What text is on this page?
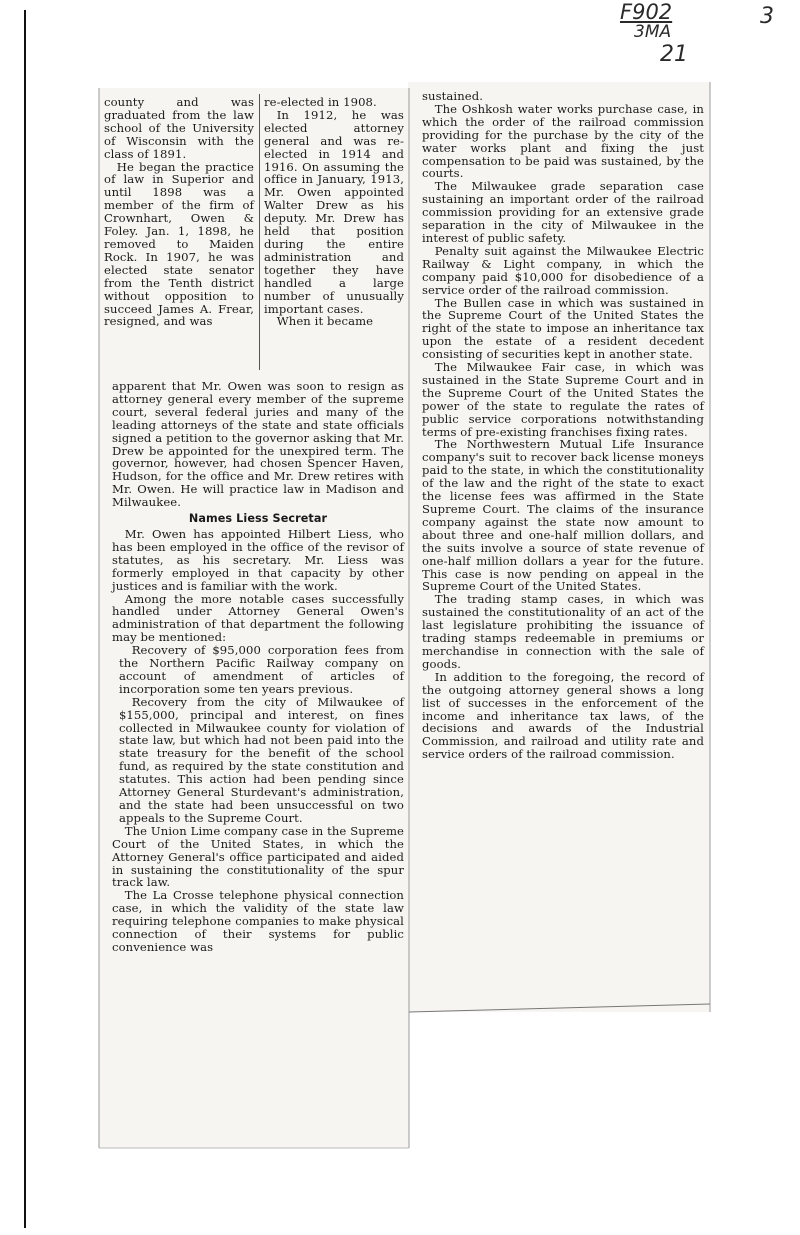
F902
3MA
21
3

county and was graduated from the law school of the University of Wisconsin with the class of 1891.

He began the practice of law in Superior and until 1898 was a member of the firm of Crownhart, Owen & Foley. Jan. 1, 1898, he removed to Maiden Rock. In 1907, he was elected state senator from the Tenth district without opposition to succeed James A. Frear, resigned, and was

re-elected in 1908.

In 1912, he was elected attorney general and was re-elected in 1914 and 1916. On assuming the office in January, 1913, Mr. Owen appointed Walter Drew as his deputy. Mr. Drew has held that position during the entire administration and together they have handled a large number of unusually important cases.

When it became

apparent that Mr. Owen was soon to resign as attorney general every member of the supreme court, several federal juries and many of the leading attorneys of the state and state officials signed a petition to the governor asking that Mr. Drew be appointed for the unexpired term. The governor, however, had chosen Spencer Haven, Hudson, for the office and Mr. Drew retires with Mr. Owen. He will practice law in Madison and Milwaukee.

Names Liess Secretar

Mr. Owen has appointed Hilbert Liess, who has been employed in the office of the revisor of statutes, as his secretary. Mr. Liess was formerly employed in that capacity by other justices and is familiar with the work.

Among the more notable cases successfully handled under Attorney General Owen's administration of that department the following may be mentioned:

Recovery of $95,000 corporation fees from the Northern Pacific Railway company on account of amendment of articles of incorporation some ten years previous.

Recovery from the city of Milwaukee of $155,000, principal and interest, on fines collected in Milwaukee county for violation of state law, but which had not been paid into the state treasury for the benefit of the school fund, as required by the state constitution and statutes. This action had been pending since Attorney General Sturdevant's administration, and the state had been unsuccessful on two appeals to the Supreme Court.

The Union Lime company case in the Supreme Court of the United States, in which the Attorney General's office participated and aided in sustaining the constitutionality of the spur track law.

The La Crosse telephone physical connection case, in which the validity of the state law requiring telephone companies to make physical connection of their systems for public convenience was

sustained.

The Oshkosh water works purchase case, in which the order of the railroad commission providing for the purchase by the city of the water works plant and fixing the just compensation to be paid was sustained, by the courts.

The Milwaukee grade separation case sustaining an important order of the railroad commission providing for an extensive grade separation in the city of Milwaukee in the interest of public safety.

Penalty suit against the Milwaukee Electric Railway & Light company, in which the company paid $10,000 for disobedience of a service order of the railroad commission.

The Bullen case in which was sustained in the Supreme Court of the United States the right of the state to impose an inheritance tax upon the estate of a resident decedent consisting of securities kept in another state.

The Milwaukee Fair case, in which was sustained in the State Supreme Court and in the Supreme Court of the United States the power of the state to regulate the rates of public service corporations notwithstanding terms of pre-existing franchises fixing rates.

The Northwestern Mutual Life Insurance company's suit to recover back license moneys paid to the state, in which the constitutionality of the law and the right of the state to exact the license fees was affirmed in the State Supreme Court. The claims of the insurance company against the state now amount to about three and one-half million dollars, and the suits involve a source of state revenue of one-half million dollars a year for the future. This case is now pending on appeal in the Supreme Court of the United States.

The trading stamp cases, in which was sustained the constitutionality of an act of the last legislature prohibiting the issuance of trading stamps redeemable in premiums or merchandise in connection with the sale of goods.

In addition to the foregoing, the record of the outgoing attorney general shows a long list of successes in the enforcement of the income and inheritance tax laws, of the decisions and awards of the Industrial Commission, and railroad and utility rate and service orders of the railroad commission.
